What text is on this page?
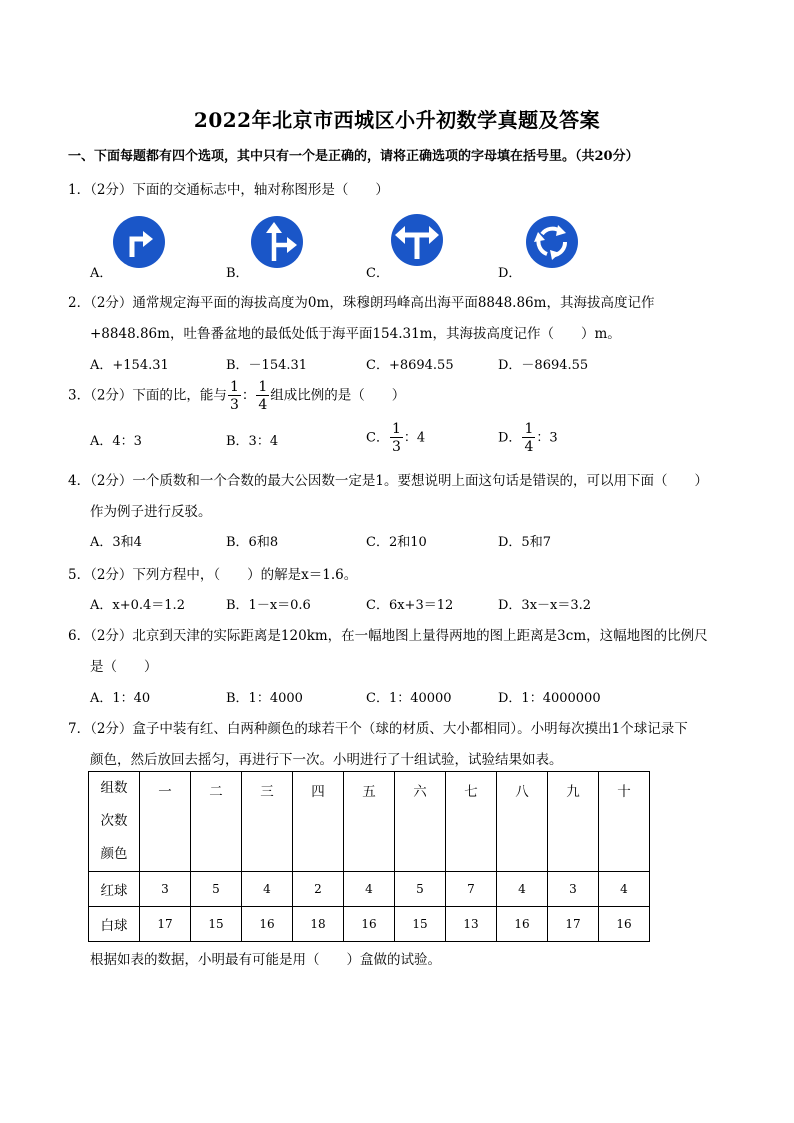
2022年北京市西城区小升初数学真题及答案
一、下面每题都有四个选项，其中只有一个是正确的，请将正确选项的字母填在括号里。（共20分）
1．（2分）下面的交通标志中，轴对称图形是（　　）
A．	B．	C．	D．
2．（2分）通常规定海平面的海拔高度为0m，珠穆朗玛峰高出海平面8848.86m，其海拔高度记作
+8848.86m，吐鲁番盆地的最低处低于海平面154.31m，其海拔高度记作（　　）m。
A．+154.31	B．－154.31	C．+8694.55	D．－8694.55
3．（2分）下面的比，能与 $\frac{1}{3}$ ： $\frac{1}{4}$ 组成比例的是（　　）
A．4：3	B．3：4	C． $\frac{1}{3}$ ：4	D． $\frac{1}{4}$ ：3
4．（2分）一个质数和一个合数的最大公因数一定是1。要想说明上面这句话是错误的，可以用下面（　　）
作为例子进行反驳。
A．3和4	B．6和8	C．2和10	D．5和7
5．（2分）下列方程中，（　　）的解是x＝1.6。
A．x+0.4＝1.2	B．1－x＝0.6	C．6x+3＝12	D．3x－x＝3.2
6．（2分）北京到天津的实际距离是120km，在一幅地图上量得两地的图上距离是3cm，这幅地图的比例尺
是（　　）
A．1：40	B．1：4000	C．1：40000	D．1：4000000
7．（2分）盒子中装有红、白两种颜色的球若干个（球的材质、大小都相同）。小明每次摸出1个球记录下
颜色，然后放回去摇匀，再进行下一次。小明进行了十组试验，试验结果如表。
组数
次数
颜色	一	二	三	四	五	六	七	八	九	十
红球	3	5	4	2	4	5	7	4	3	4
白球	17	15	16	18	16	15	13	16	17	16
根据如表的数据，小明最有可能是用（　　）盒做的试验。
